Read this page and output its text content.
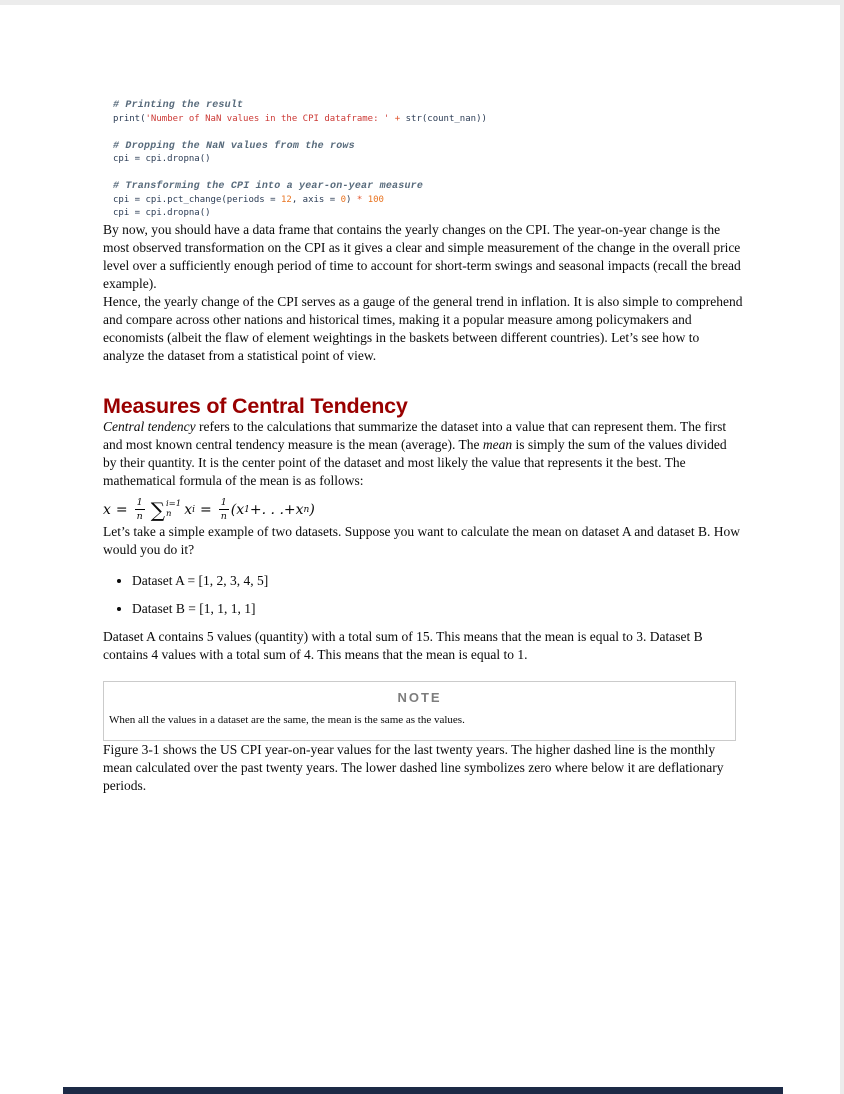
# Printing the result
print('Number of NaN values in the CPI dataframe: ' + str(count_nan))
# Dropping the NaN values from the rows
cpi = cpi.dropna()
# Transforming the CPI into a year-on-year measure
cpi = cpi.pct_change(periods = 12, axis = 0) * 100
cpi = cpi.dropna()

By now, you should have a data frame that contains the yearly changes on the CPI. The year-on-year change is the most observed transformation on the CPI as it gives a clear and simple measurement of the change in the overall price level over a sufficiently enough period of time to account for short-term swings and seasonal impacts (recall the bread example).

Hence, the yearly change of the CPI serves as a gauge of the general trend in inflation. It is also simple to comprehend and compare across other nations and historical times, making it a popular measure among policymakers and economists (albeit the flaw of element weightings in the baskets between different countries). Let’s see how to analyze the dataset from a statistical point of view.

Measures of Central Tendency

Central tendency refers to the calculations that summarize the dataset into a value that can represent them. The first and most known central tendency measure is the mean (average). The mean is simply the sum of the values divided by their quantity. It is the center point of the dataset and most likely the value that represents it the best. The mathematical formula of the mean is as follows:

$x = \frac{1}{n}$ ∑ i=1
n x $i = \frac{1}{n}$ ( x 1 +. . .+ x n )

Let’s take a simple example of two datasets. Suppose you want to calculate the mean on dataset A and dataset B. How would you do it?

• Dataset A = [1, 2, 3, 4, 5]
• Dataset B = [1, 1, 1, 1]

Dataset A contains 5 values (quantity) with a total sum of 15. This means that the mean is equal to 3. Dataset B contains 4 values with a total sum of 4. This means that the mean is equal to 1.

NOTE
When all the values in a dataset are the same, the mean is the same as the values.

Figure 3-1 shows the US CPI year-on-year values for the last twenty years. The higher dashed line is the monthly mean calculated over the past twenty years. The lower dashed line symbolizes zero where below it are deflationary periods.
